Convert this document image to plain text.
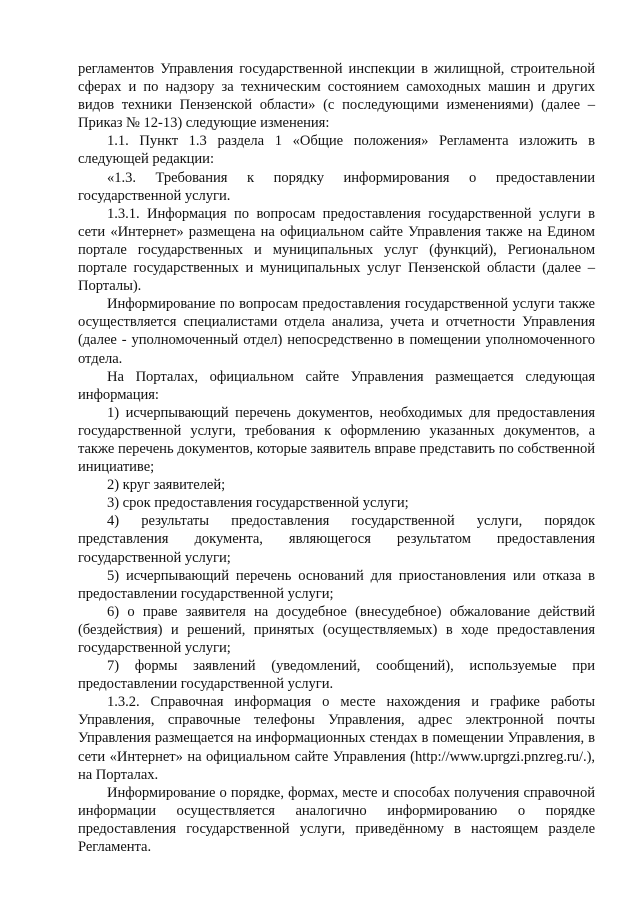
регламентов Управления государственной инспекции в жилищной, строительной сферах и по надзору за техническим состоянием самоходных машин и других видов техники Пензенской области» (с последующими изменениями) (далее – Приказ № 12-13) следующие изменения:

1.1. Пункт 1.3 раздела 1 «Общие положения» Регламента изложить в следующей редакции:

«1.3. Требования к порядку информирования о предоставлении государственной услуги.

1.3.1. Информация по вопросам предоставления государственной услуги в сети «Интернет» размещена на официальном сайте Управления также на Едином портале государственных и муниципальных услуг (функций), Региональном портале государственных и муниципальных услуг Пензенской области (далее – Порталы).

Информирование по вопросам предоставления государственной услуги также осуществляется специалистами отдела анализа, учета и отчетности Управления (далее - уполномоченный отдел) непосредственно в помещении уполномоченного отдела.

На Порталах, официальном сайте Управления размещается следующая информация:

1) исчерпывающий перечень документов, необходимых для предоставления государственной услуги, требования к оформлению указанных документов, а также перечень документов, которые заявитель вправе представить по собственной инициативе;

2) круг заявителей;

3) срок предоставления государственной услуги;

4) результаты предоставления государственной услуги, порядок представления документа, являющегося результатом предоставления государственной услуги;

5) исчерпывающий перечень оснований для приостановления или отказа в предоставлении государственной услуги;

6) о праве заявителя на досудебное (внесудебное) обжалование действий (бездействия) и решений, принятых (осуществляемых) в ходе предоставления государственной услуги;

7) формы заявлений (уведомлений, сообщений), используемые при предоставлении государственной услуги.

1.3.2. Справочная информация о месте нахождения и графике работы Управления, справочные телефоны Управления, адрес электронной почты Управления размещается на информационных стендах в помещении Управления, в сети «Интернет» на официальном сайте Управления (http://www.uprgzi.pnzreg.ru/.), на Порталах.

Информирование о порядке, формах, месте и способах получения справочной информации осуществляется аналогично информированию о порядке предоставления государственной услуги, приведённому в настоящем разделе Регламента.
